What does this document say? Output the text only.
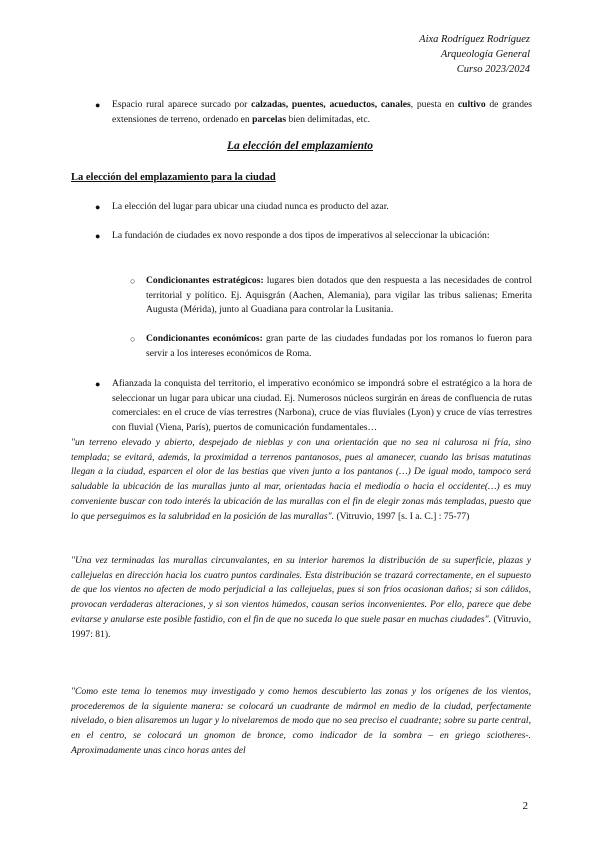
Aixa Rodríguez Rodríguez
Arqueología General
Curso 2023/2024
● Espacio rural aparece surcado por calzadas, puentes, acueductos, canales, puesta en cultivo de grandes extensiones de terreno, ordenado en parcelas bien delimitadas, etc.
La elección del emplazamiento
La elección del emplazamiento para la ciudad
● La elección del lugar para ubicar una ciudad nunca es producto del azar.
● La fundación de ciudades ex novo responde a dos tipos de imperativos al seleccionar la ubicación:
○ Condicionantes estratégicos: lugares bien dotados que den respuesta a las necesidades de control territorial y político. Ej. Aquisgrán (Aachen, Alemania), para vigilar las tribus salienas; Emerita Augusta (Mérida), junto al Guadiana para controlar la Lusitania.
○ Condicionantes económicos: gran parte de las ciudades fundadas por los romanos lo fueron para servir a los intereses económicos de Roma.
● Afianzada la conquista del territorio, el imperativo económico se impondrá sobre el estratégico a la hora de seleccionar un lugar para ubicar una ciudad. Ej. Numerosos núcleos surgirán en áreas de confluencia de rutas comerciales: en el cruce de vías terrestres (Narbona), cruce de vías fluviales (Lyon) y cruce de vías terrestres con fluvial (Viena, París), puertos de comunicación fundamentales…
"un terreno elevado y abierto, despejado de nieblas y con una orientación que no sea ni calurosa ni fría, sino templada; se evitará, además, la proximidad a terrenos pantanosos, pues al amanecer, cuando las brisas matutinas llegan a la ciudad, esparcen el olor de las bestias que viven junto a los pantanos (…) De igual modo, tampoco será saludable la ubicación de las murallas junto al mar, orientadas hacia el mediodía o hacia el occidente(…) es muy conveniente buscar con todo interés la ubicación de las murallas con el fin de elegir zonas más templadas, puesto que lo que perseguimos es la salubridad en la posición de las murallas". (Vitruvio, 1997 [s. I a. C.] : 75-77)
"Una vez terminadas las murallas circunvalantes, en su interior haremos la distribución de su superficie, plazas y callejuelas en dirección hacia los cuatro puntos cardinales. Esta distribución se trazará correctamente, en el supuesto de que los vientos no afecten de modo perjudicial a las callejuelas, pues si son fríos ocasionan daños; si son cálidos, provocan verdaderas alteraciones, y si son vientos húmedos, causan serios inconvenientes. Por ello, parece que debe evitarse y anularse este posible fastidio, con el fin de que no suceda lo que suele pasar en muchas ciudades". (Vitruvio, 1997: 81).
"Como este tema lo tenemos muy investigado y como hemos descubierto las zonas y los orígenes de los vientos, procederemos de la siguiente manera: se colocará un cuadrante de mármol en medio de la ciudad, perfectamente nivelado, o bien alisaremos un lugar y lo nivelaremos de modo que no sea preciso el cuadrante; sobre su parte central, en el centro, se colocará un gnomon de bronce, como indicador de la sombra – en griego sciotheres-. Aproximadamente unas cinco horas antes del
2
